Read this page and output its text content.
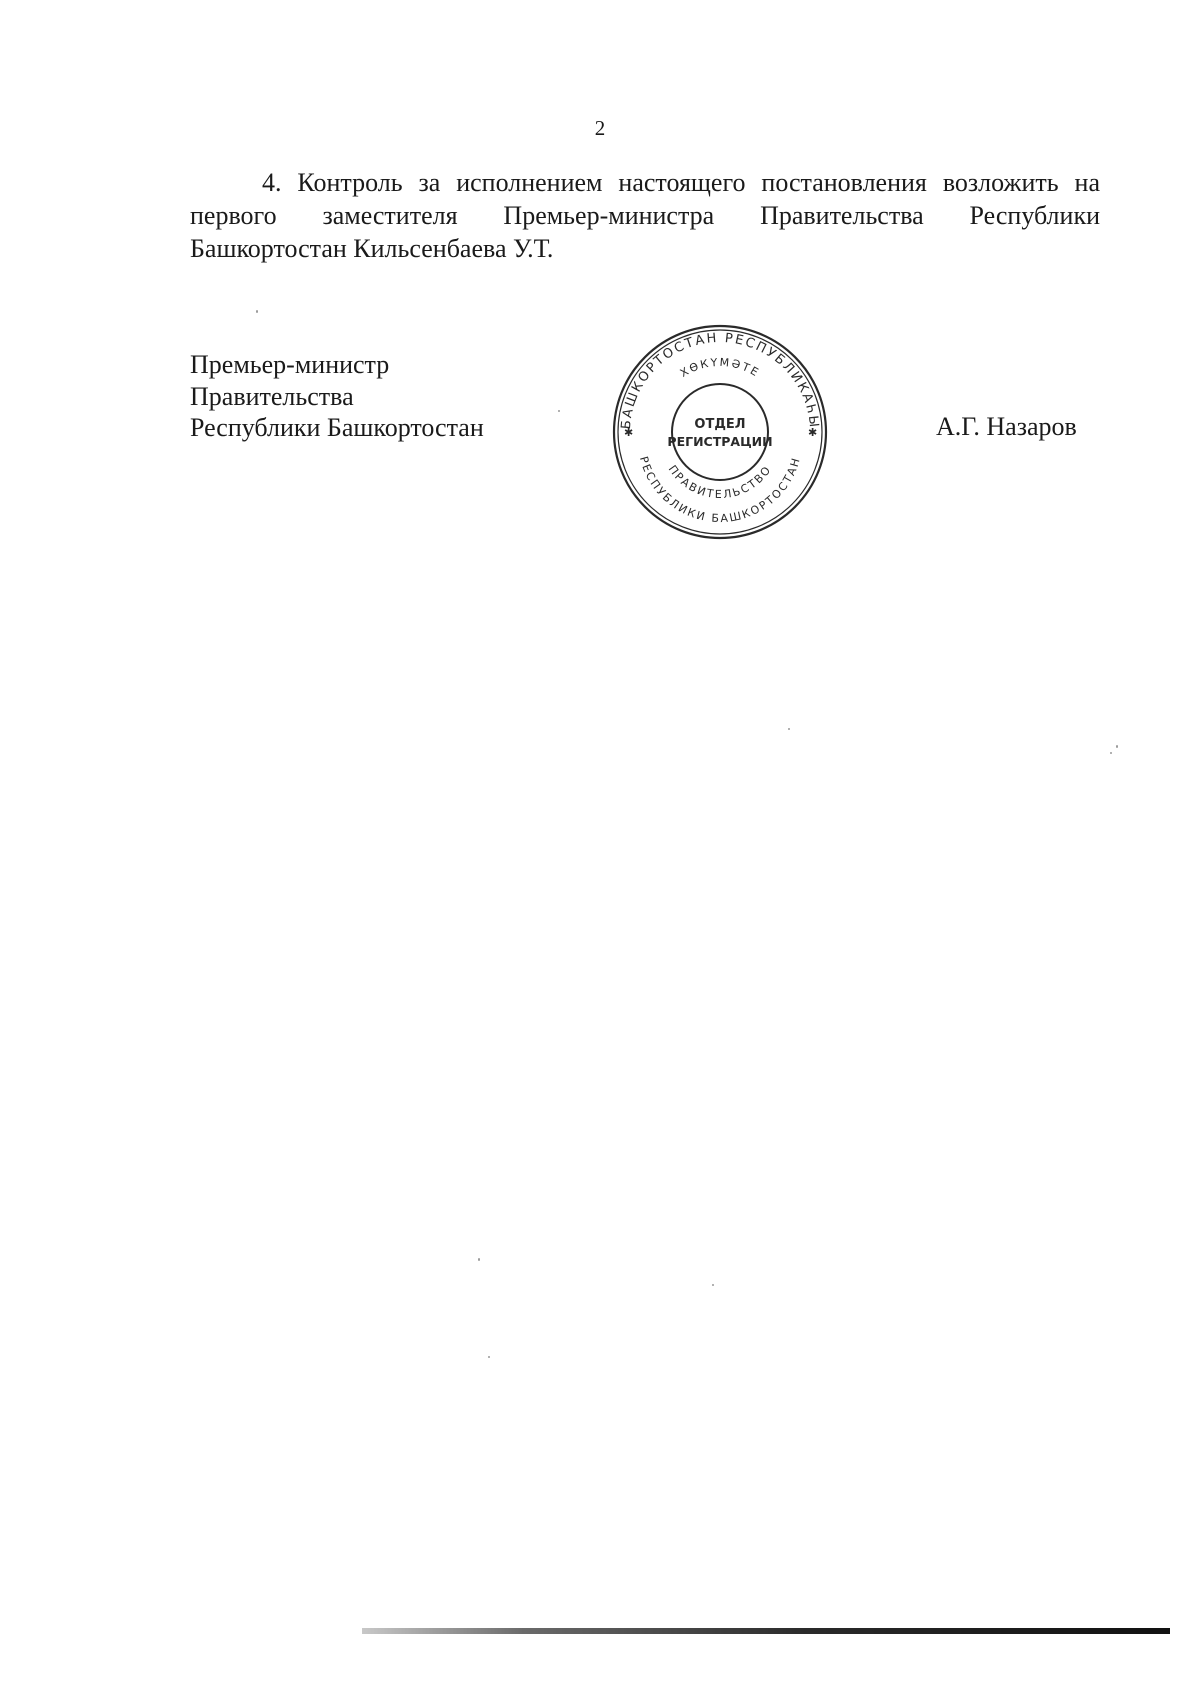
2

4. Контроль за исполнением настоящего постановления возложить на первого заместителя Премьер-министра Правительства Республики Башкортостан Кильсенбаева У.Т.

Премьер-министр
Правительства
Республики Башкортостан	БАШКОРТОСТАН РЕСПУБЛИКАҺЫ
ХӨКҮМӘТЕ
ПРАВИТЕЛЬСТВО
РЕСПУБЛИКИ БАШКОРТОСТАН
✱	✱
ОТДЕЛ
РЕГИСТРАЦИИ
А.Г. Назаров
